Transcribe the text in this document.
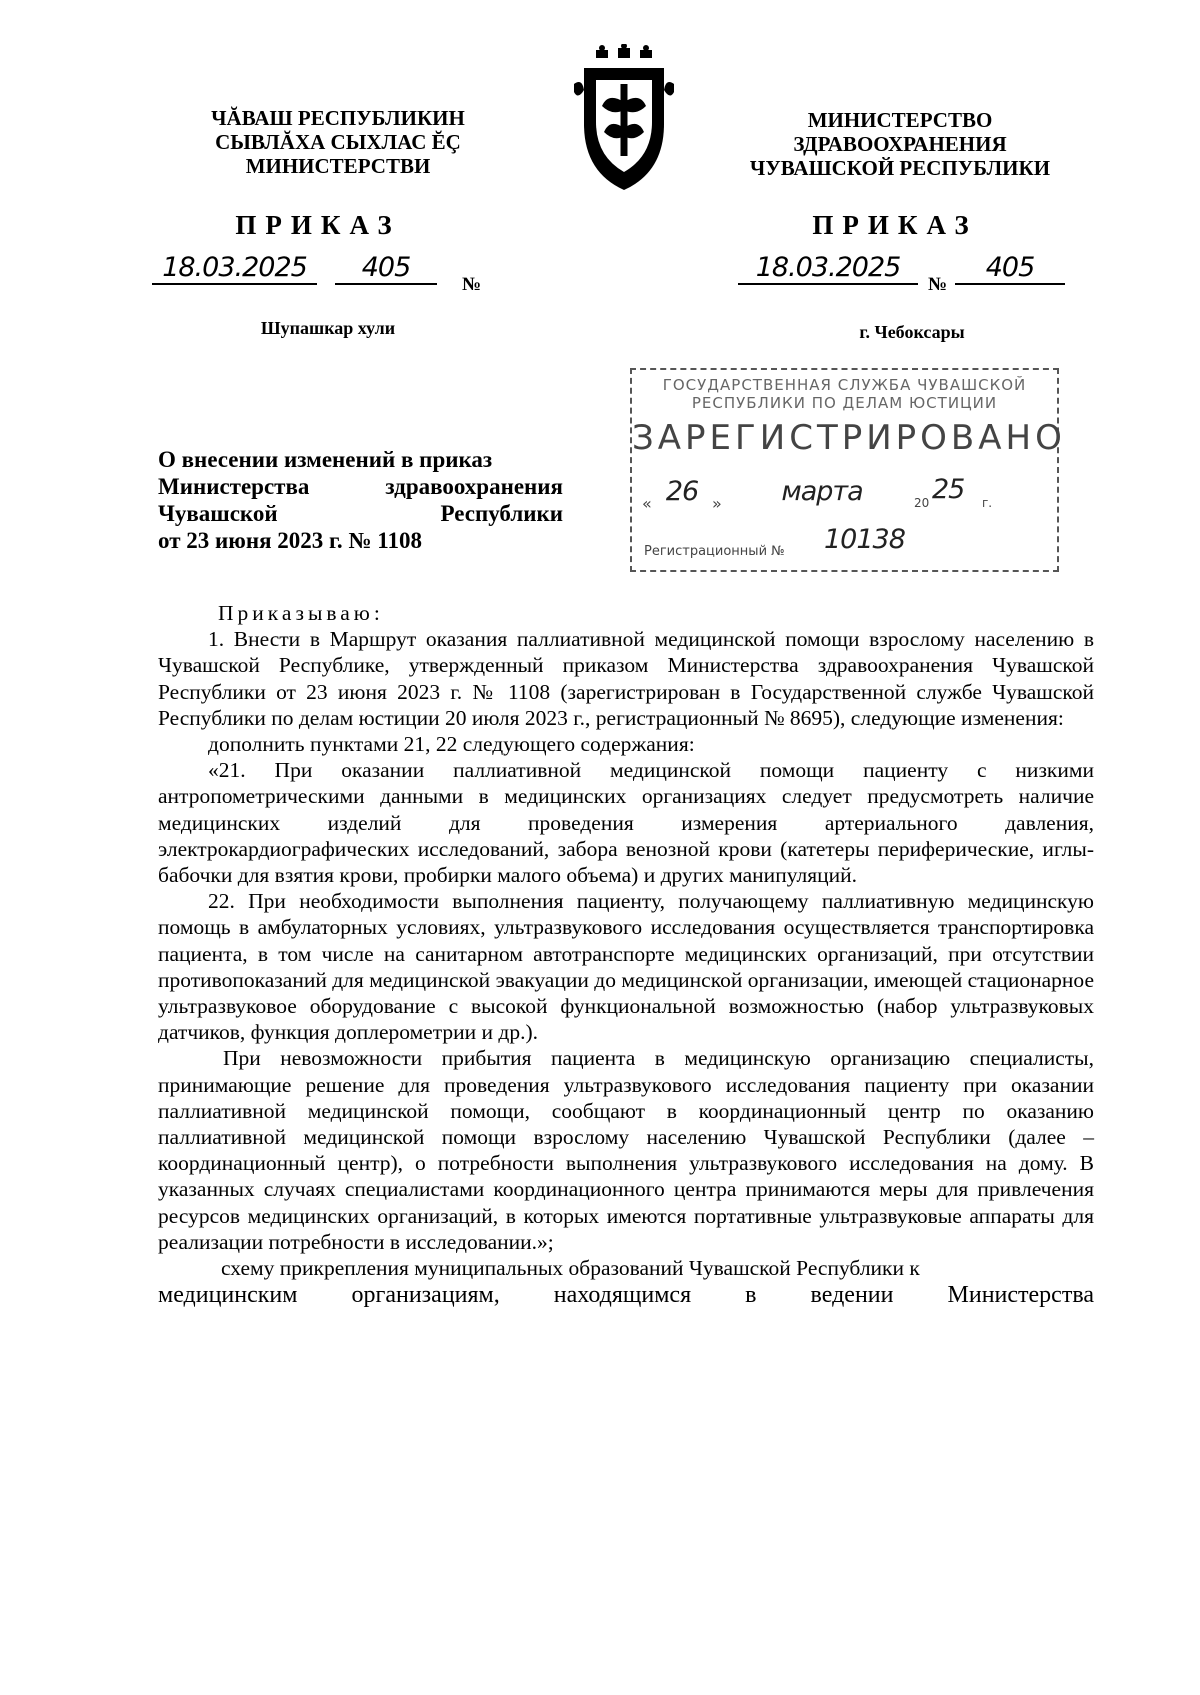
ЧĂВАШ РЕСПУБЛИКИН
СЫВЛĂХА СЫХЛАС ĔÇ
МИНИСТЕРСТВИ
ПРИКАЗ
18.03.2025	405
№
Шупашкар хули
МИНИСТЕРСТВО
ЗДРАВООХРАНЕНИЯ
ЧУВАШСКОЙ РЕСПУБЛИКИ
ПРИКАЗ
18.03.2025
№
405
г. Чебоксары
О внесении изменений в приказ
Министерства здравоохранения
Чувашской	Республики
от 23 июня 2023 г. № 1108
ГОСУДАРСТВЕННАЯ СЛУЖБА ЧУВАШСКОЙ
РЕСПУБЛИКИ ПО ДЕЛАМ ЮСТИЦИИ
ЗАРЕГИСТРИРОВАНО
« 26 »	марта	20 25 г.
Регистрационный № 10138

Приказываю:

1. Внести в Маршрут оказания паллиативной медицинской помощи взрослому населению в Чувашской Республике, утвержденный приказом Министерства здравоохранения Чувашской Республики от 23 июня 2023 г. № 1108 (зарегистрирован в Государственной службе Чувашской Республики по делам юстиции 20 июля 2023 г., регистрационный № 8695), следующие изменения:

дополнить пунктами 21, 22 следующего содержания:

«21. При оказании паллиативной медицинской помощи пациенту с низкими антропометрическими данными в медицинских организациях следует предусмотреть наличие медицинских изделий для проведения измерения артериального давления, электрокардиографических исследований, забора венозной крови (катетеры периферические, иглы-бабочки для взятия крови, пробирки малого объема) и других манипуляций.

22. При необходимости выполнения пациенту, получающему паллиативную медицинскую помощь в амбулаторных условиях, ультразвукового исследования осуществляется транспортировка пациента, в том числе на санитарном автотранспорте медицинских организаций, при отсутствии противопоказаний для медицинской эвакуации до медицинской организации, имеющей стационарное ультразвуковое оборудование с высокой функциональной возможностью (набор ультразвуковых датчиков, функция доплерометрии и др.).

При невозможности прибытия пациента в медицинскую организацию специалисты, принимающие решение для проведения ультразвукового исследования пациенту при оказании паллиативной медицинской помощи, сообщают в координационный центр по оказанию паллиативной медицинской помощи взрослому населению Чувашской Республики (далее – координационный центр), о потребности выполнения ультразвукового исследования на дому. В указанных случаях специалистами координационного центра принимаются меры для привлечения ресурсов медицинских организаций, в которых имеются портативные ультразвуковые аппараты для реализации потребности в исследовании.»;

схему прикрепления муниципальных образований Чувашской Республики к

медицинским организациям, находящимся в ведении Министерства
